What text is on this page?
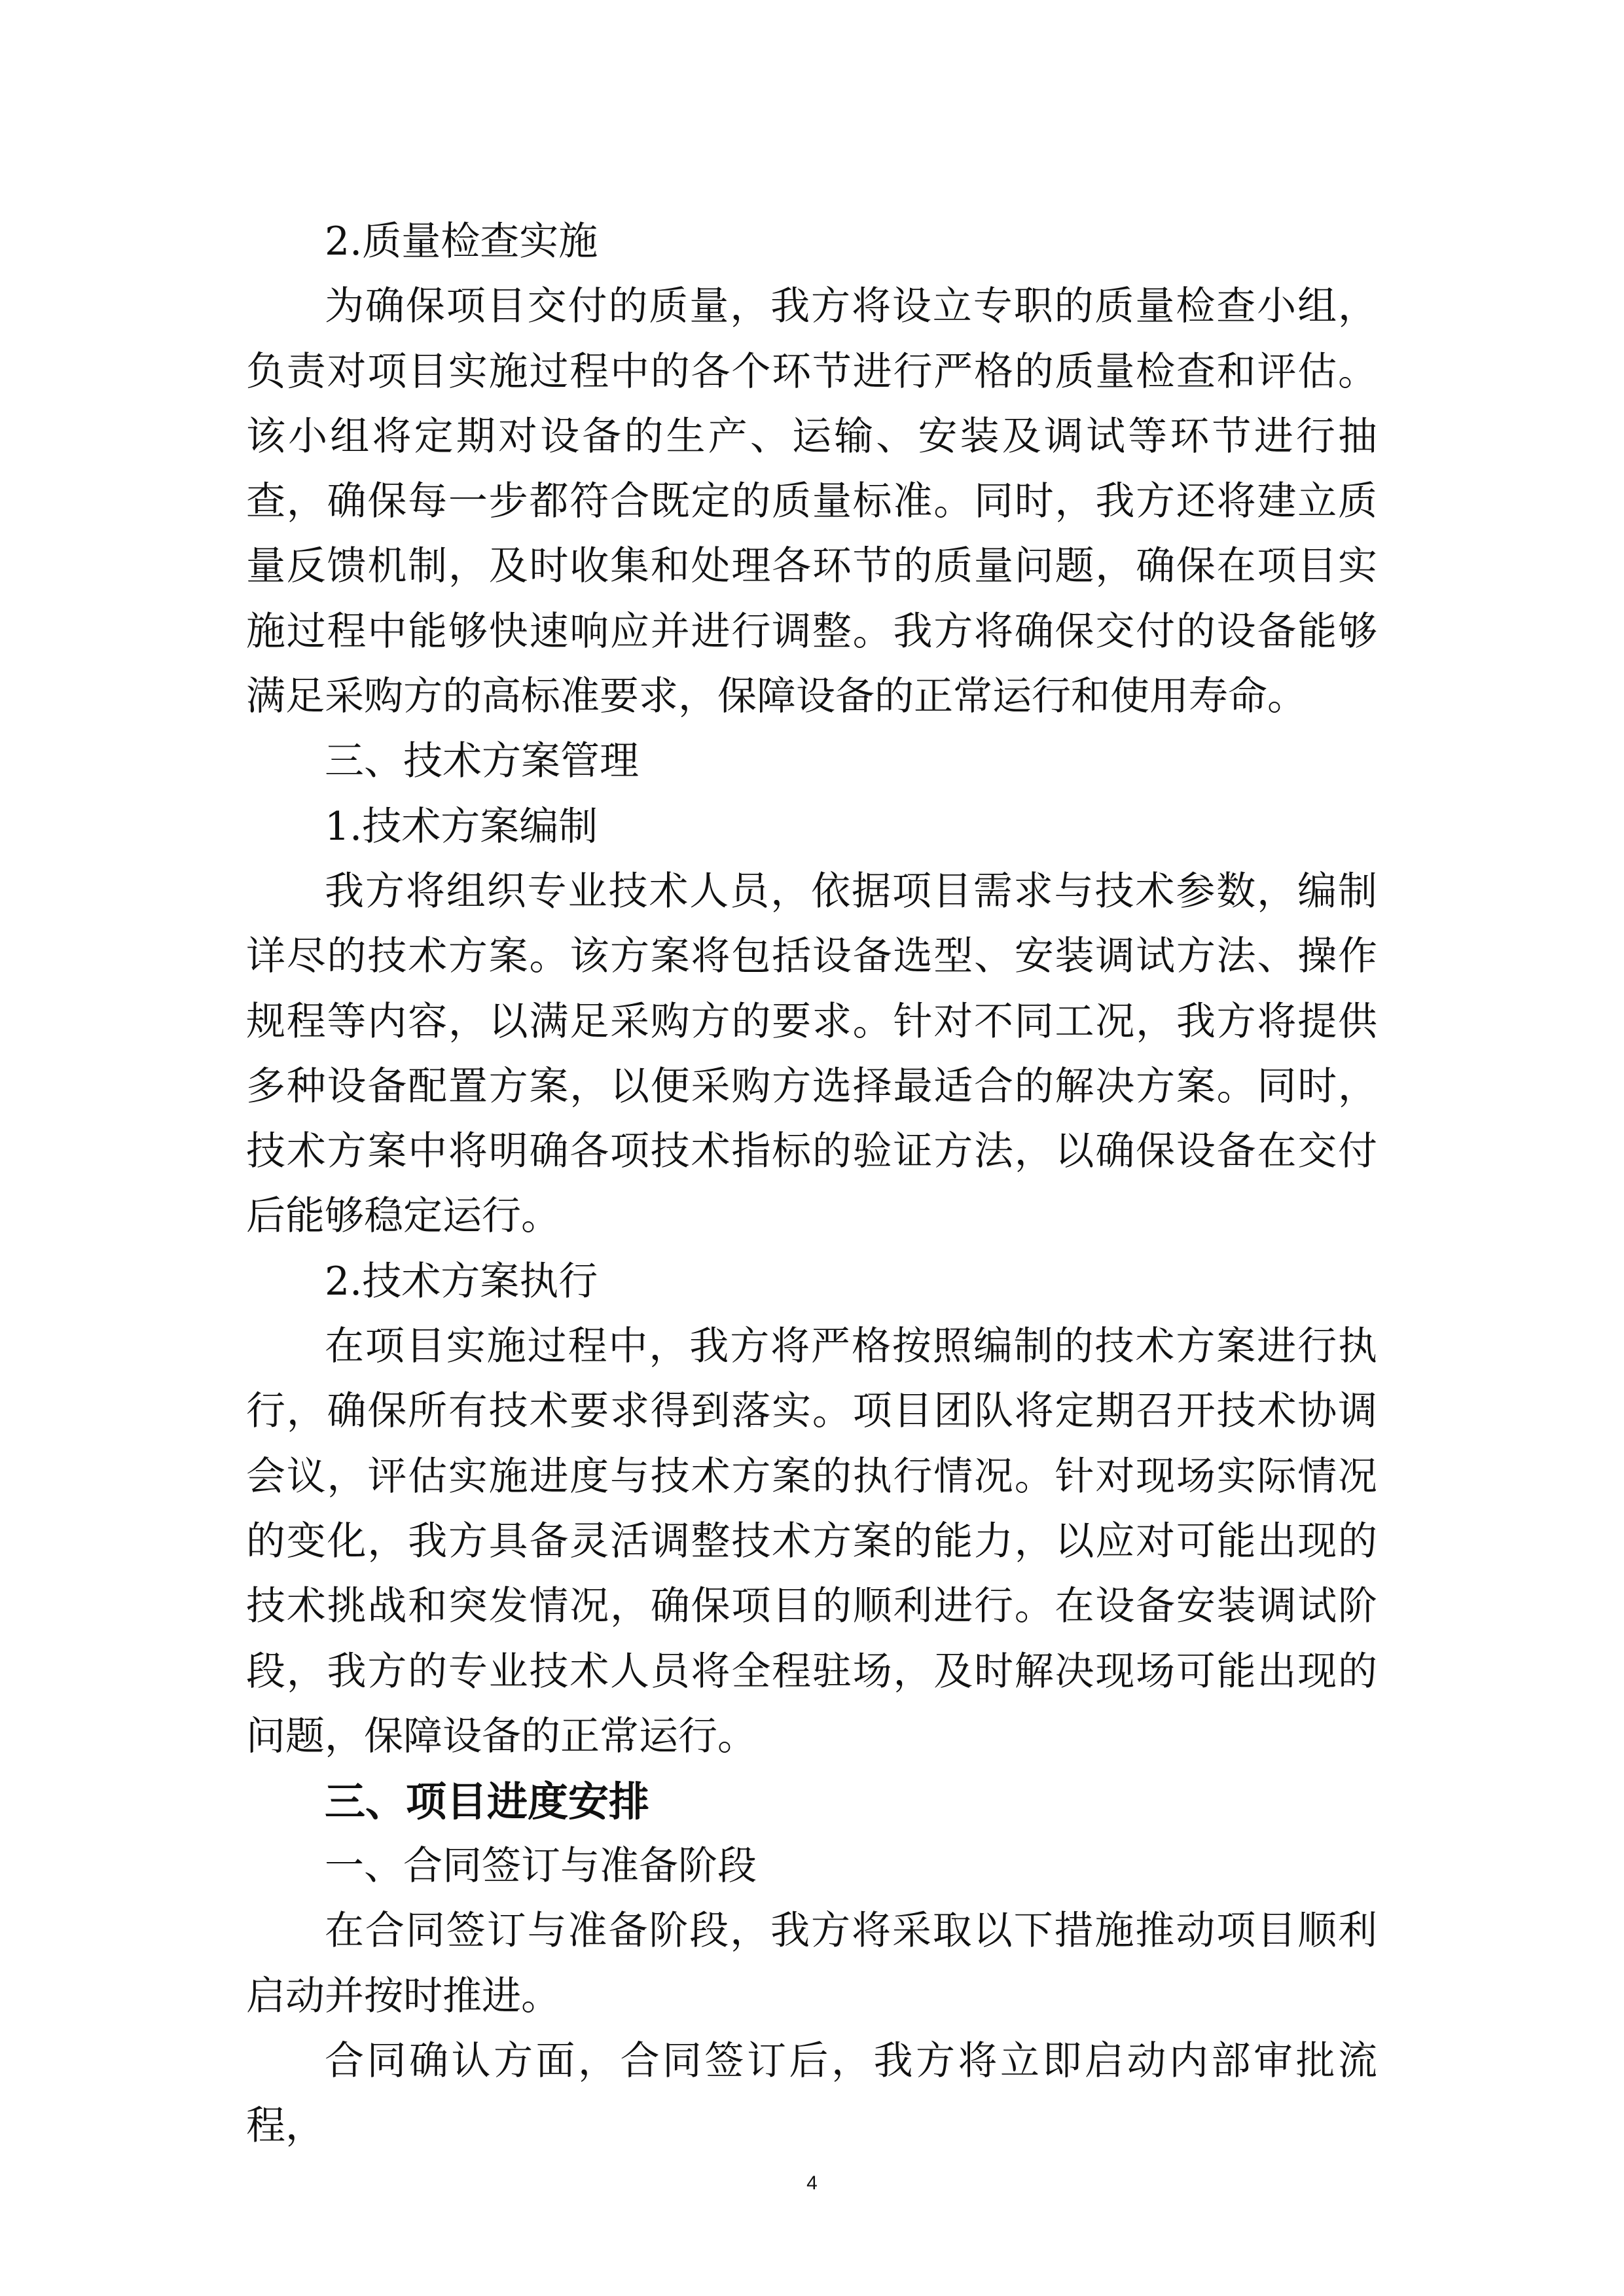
2.质量检查实施

为确保项目交付的质量，我方将设立专职的质量检查小组，负责对项目实施过程中的各个环节进行严格的质量检查和评估。该小组将定期对设备的生产、运输、安装及调试等环节进行抽查，确保每一步都符合既定的质量标准。同时，我方还将建立质量反馈机制，及时收集和处理各环节的质量问题，确保在项目实施过程中能够快速响应并进行调整。我方将确保交付的设备能够满足采购方的高标准要求，保障设备的正常运行和使用寿命。

三、技术方案管理

1.技术方案编制

我方将组织专业技术人员，依据项目需求与技术参数，编制详尽的技术方案。该方案将包括设备选型、安装调试方法、操作规程等内容，以满足采购方的要求。针对不同工况，我方将提供多种设备配置方案，以便采购方选择最适合的解决方案。同时，技术方案中将明确各项技术指标的验证方法，以确保设备在交付后能够稳定运行。

2.技术方案执行

在项目实施过程中，我方将严格按照编制的技术方案进行执行，确保所有技术要求得到落实。项目团队将定期召开技术协调会议，评估实施进度与技术方案的执行情况。针对现场实际情况的变化，我方具备灵活调整技术方案的能力，以应对可能出现的技术挑战和突发情况，确保项目的顺利进行。在设备安装调试阶段，我方的专业技术人员将全程驻场，及时解决现场可能出现的问题，保障设备的正常运行。

三、项目进度安排

一、合同签订与准备阶段

在合同签订与准备阶段，我方将采取以下措施推动项目顺利启动并按时推进。

合同确认方面，合同签订后，我方将立即启动内部审批流程，

4
